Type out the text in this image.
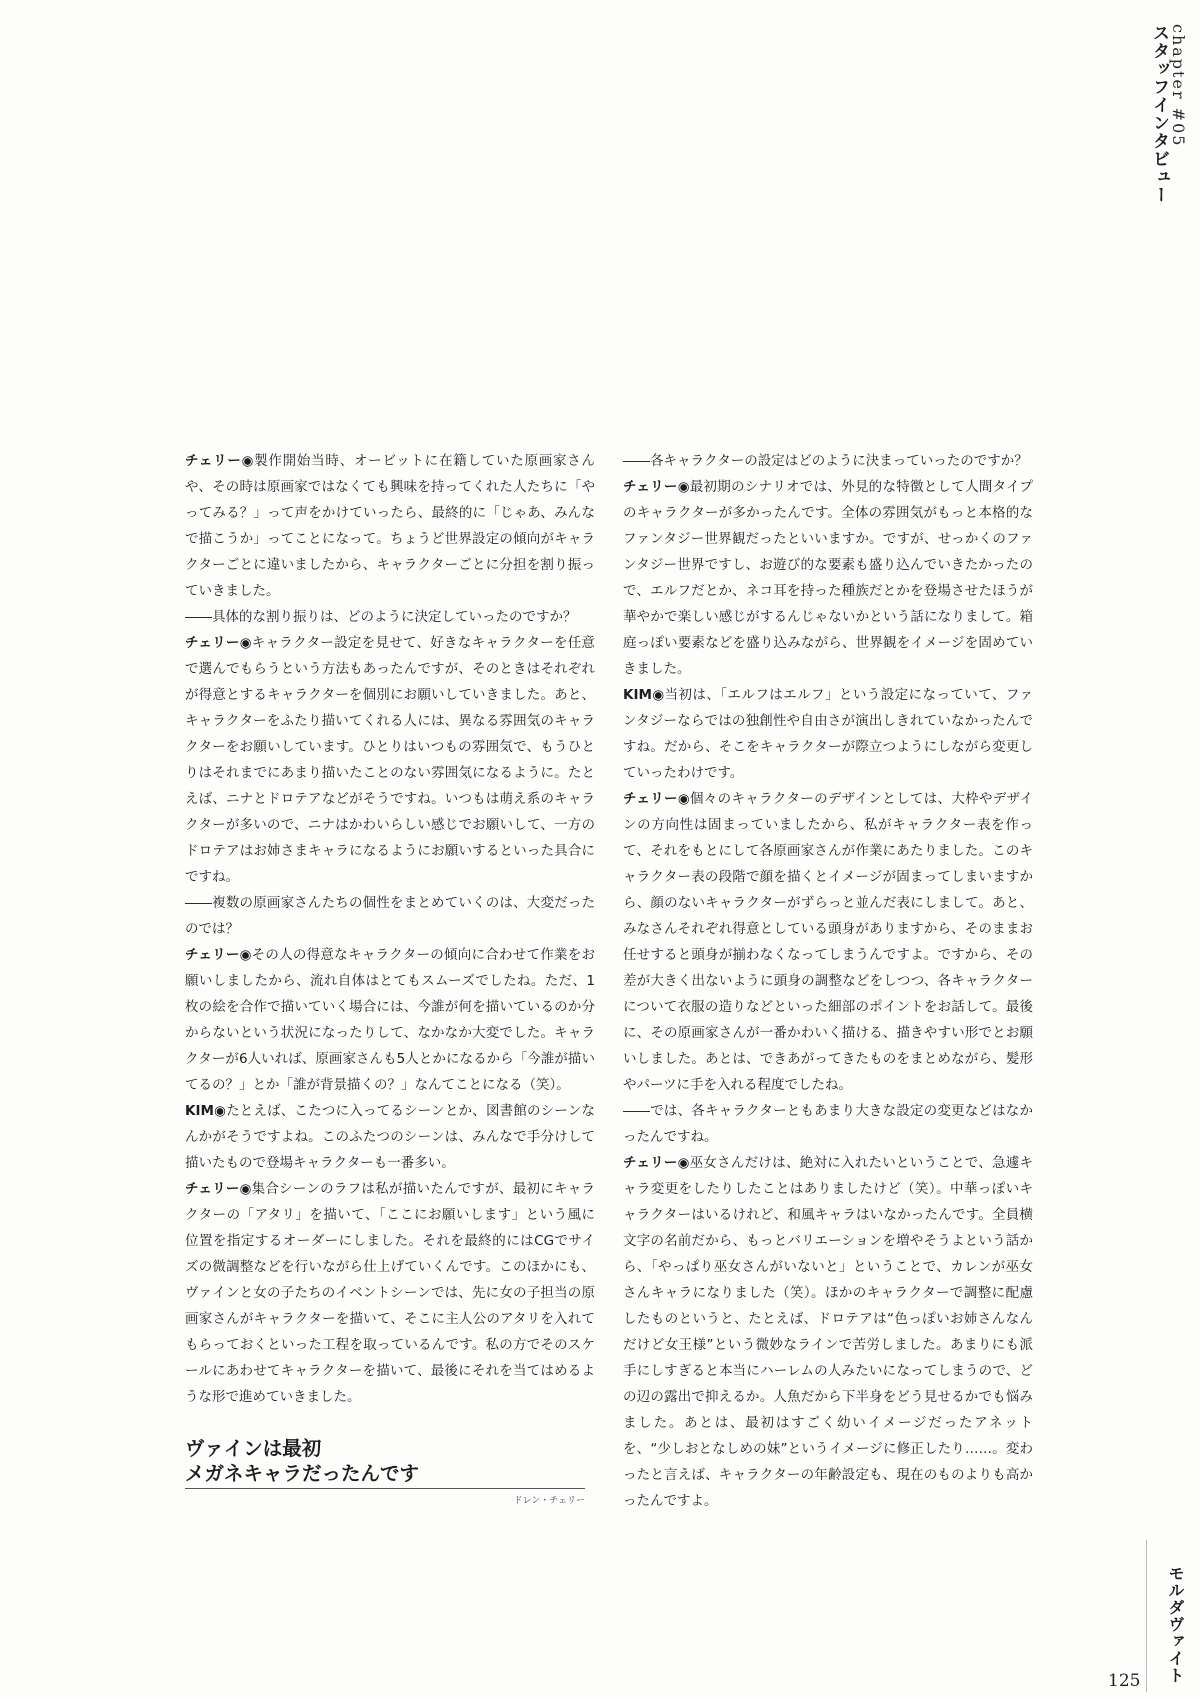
chapter #05
スタッフインタビュー

チェリー◉製作開始当時、オービットに在籍していた原画家さんや、その時は原画家ではなくても興味を持ってくれた人たちに「やってみる？」って声をかけていったら、最終的に「じゃあ、みんなで描こうか」ってことになって。ちょうど世界設定の傾向がキャラクターごとに違いましたから、キャラクターごとに分担を割り振っていきました。

――具体的な割り振りは、どのように決定していったのですか？

チェリー◉キャラクター設定を見せて、好きなキャラクターを任意で選んでもらうという方法もあったんですが、そのときはそれぞれが得意とするキャラクターを個別にお願いしていきました。あと、キャラクターをふたり描いてくれる人には、異なる雰囲気のキャラクターをお願いしています。ひとりはいつもの雰囲気で、もうひとりはそれまでにあまり描いたことのない雰囲気になるように。たとえば、ニナとドロテアなどがそうですね。いつもは萌え系のキャラクターが多いので、ニナはかわいらしい感じでお願いして、一方のドロテアはお姉さまキャラになるようにお願いするといった具合にですね。

――複数の原画家さんたちの個性をまとめていくのは、大変だったのでは？

チェリー◉その人の得意なキャラクターの傾向に合わせて作業をお願いしましたから、流れ自体はとてもスムーズでしたね。ただ、1枚の絵を合作で描いていく場合には、今誰が何を描いているのか分からないという状況になったりして、なかなか大変でした。キャラクターが6人いれば、原画家さんも5人とかになるから「今誰が描いてるの？」とか「誰が背景描くの？」なんてことになる（笑）。

KIM◉たとえば、こたつに入ってるシーンとか、図書館のシーンなんかがそうですよね。このふたつのシーンは、みんなで手分けして描いたもので登場キャラクターも一番多い。

チェリー◉集合シーンのラフは私が描いたんですが、最初にキャラクターの「アタリ」を描いて、「ここにお願いします」という風に位置を指定するオーダーにしました。それを最終的にはCGでサイズの微調整などを行いながら仕上げていくんです。このほかにも、ヴァインと女の子たちのイベントシーンでは、先に女の子担当の原画家さんがキャラクターを描いて、そこに主人公のアタリを入れてもらっておくといった工程を取っているんです。私の方でそのスケールにあわせてキャラクターを描いて、最後にそれを当てはめるような形で進めていきました。

――各キャラクターの設定はどのように決まっていったのですか？

チェリー◉最初期のシナリオでは、外見的な特徴として人間タイプのキャラクターが多かったんです。全体の雰囲気がもっと本格的なファンタジー世界観だったといいますか。ですが、せっかくのファンタジー世界ですし、お遊び的な要素も盛り込んでいきたかったので、エルフだとか、ネコ耳を持った種族だとかを登場させたほうが華やかで楽しい感じがするんじゃないかという話になりまして。箱庭っぽい要素などを盛り込みながら、世界観をイメージを固めていきました。

KIM◉当初は、「エルフはエルフ」という設定になっていて、ファンタジーならではの独創性や自由さが演出しきれていなかったんですね。だから、そこをキャラクターが際立つようにしながら変更していったわけです。

チェリー◉個々のキャラクターのデザインとしては、大枠やデザインの方向性は固まっていましたから、私がキャラクター表を作って、それをもとにして各原画家さんが作業にあたりました。このキャラクター表の段階で顔を描くとイメージが固まってしまいますから、顔のないキャラクターがずらっと並んだ表にしまして。あと、みなさんそれぞれ得意としている頭身がありますから、そのままお任せすると頭身が揃わなくなってしまうんですよ。ですから、その差が大きく出ないように頭身の調整などをしつつ、各キャラクターについて衣服の造りなどといった細部のポイントをお話して。最後に、その原画家さんが一番かわいく描ける、描きやすい形でとお願いしました。あとは、できあがってきたものをまとめながら、髪形やパーツに手を入れる程度でしたね。

――では、各キャラクターともあまり大きな設定の変更などはなかったんですね。

チェリー◉巫女さんだけは、絶対に入れたいということで、急遽キャラ変更をしたりしたことはありましたけど（笑）。中華っぽいキャラクターはいるけれど、和風キャラはいなかったんです。全員横文字の名前だから、もっとバリエーションを増やそうよという話から、「やっぱり巫女さんがいないと」ということで、カレンが巫女さんキャラになりました（笑）。ほかのキャラクターで調整に配慮したものというと、たとえば、ドロテアは“色っぽいお姉さんなんだけど女王様”という微妙なラインで苦労しました。あまりにも派手にしすぎると本当にハーレムの人みたいになってしまうので、どの辺の露出で抑えるか。人魚だから下半身をどう見せるかでも悩みました。あとは、最初はすごく幼いイメージだったアネットを、“少しおとなしめの妹”というイメージに修正したり……。変わったと言えば、キャラクターの年齢設定も、現在のものよりも高かったんですよ。

ヴァインは最初
メガネキャラだったんです
ドレン・チェリー
モルダヴァイト
125
